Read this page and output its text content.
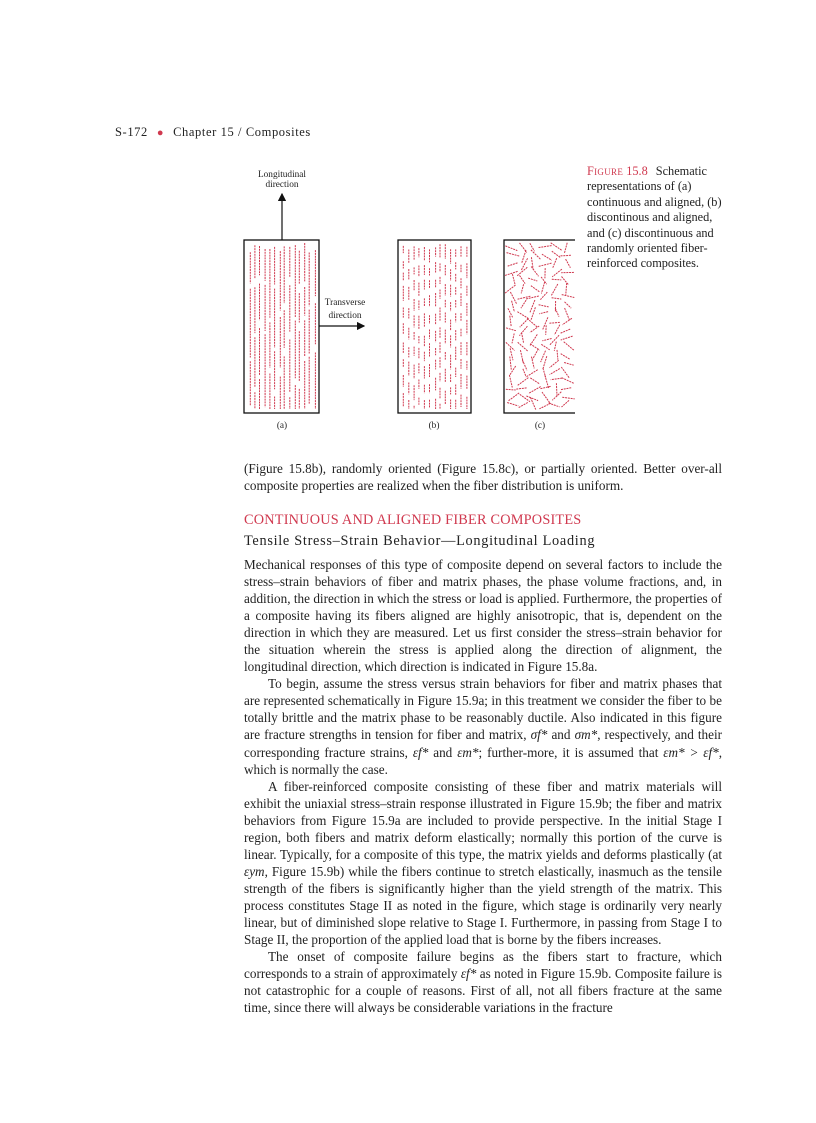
S-172 ● Chapter 15 / Composites
Longitudinal
direction
Transverse
direction
(a)	(b)	(c)
Figure 15.8 Schematic representations of (a) continuous and aligned, (b) discontinous and aligned, and (c) discontinuous and randomly oriented fiber-reinforced composites.

(Figure 15.8b), randomly oriented (Figure 15.8c), or partially oriented. Better over-all composite properties are realized when the fiber distribution is uniform.

CONTINUOUS AND ALIGNED FIBER COMPOSITES
Tensile Stress–Strain Behavior—Longitudinal Loading

Mechanical responses of this type of composite depend on several factors to include the stress–strain behaviors of fiber and matrix phases, the phase volume fractions, and, in addition, the direction in which the stress or load is applied. Furthermore, the properties of a composite having its fibers aligned are highly anisotropic, that is, dependent on the direction in which they are measured. Let us first consider the stress–strain behavior for the situation wherein the stress is applied along the direction of alignment, the longitudinal direction, which direction is indicated in Figure 15.8a.

To begin, assume the stress versus strain behaviors for fiber and matrix phases that are represented schematically in Figure 15.9a; in this treatment we consider the fiber to be totally brittle and the matrix phase to be reasonably ductile. Also indicated in this figure are fracture strengths in tension for fiber and matrix, σf* and σm*, respectively, and their corresponding fracture strains, εf* and εm*; further-more, it is assumed that εm* > εf*, which is normally the case.

A fiber-reinforced composite consisting of these fiber and matrix materials will exhibit the uniaxial stress–strain response illustrated in Figure 15.9b; the fiber and matrix behaviors from Figure 15.9a are included to provide perspective. In the initial Stage I region, both fibers and matrix deform elastically; normally this portion of the curve is linear. Typically, for a composite of this type, the matrix yields and deforms plastically (at εym, Figure 15.9b) while the fibers continue to stretch elastically, inasmuch as the tensile strength of the fibers is significantly higher than the yield strength of the matrix. This process constitutes Stage II as noted in the figure, which stage is ordinarily very nearly linear, but of diminished slope relative to Stage I. Furthermore, in passing from Stage I to Stage II, the proportion of the applied load that is borne by the fibers increases.

The onset of composite failure begins as the fibers start to fracture, which corresponds to a strain of approximately εf* as noted in Figure 15.9b. Composite failure is not catastrophic for a couple of reasons. First of all, not all fibers fracture at the same time, since there will always be considerable variations in the fracture
